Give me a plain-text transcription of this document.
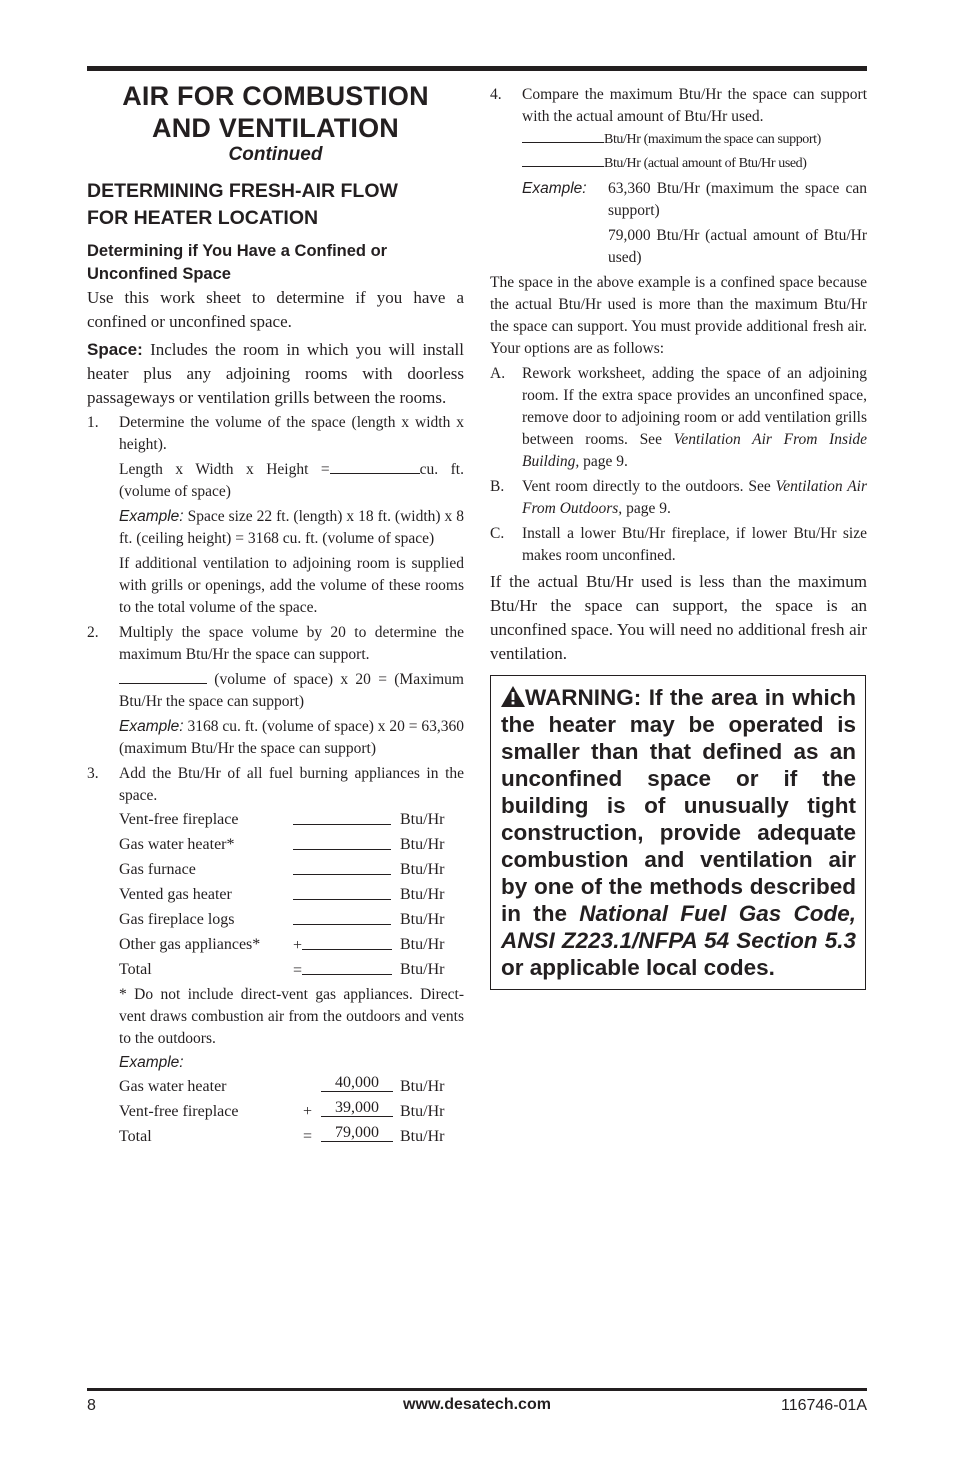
AIR FOR COMBUSTION
AND VENTILATION
Continued
DETERMINING FRESH-AIR FLOW
FOR HEATER LOCATION
Determining if You Have a Confined or
Unconfined Space

Use this work sheet to determine if you have a confined or unconfined space.

Space: Includes the room in which you will install heater plus any adjoining rooms with doorless passageways or ventilation grills between the rooms.

1. Determine the volume of the space (length x width x height).
Length x Width x Height =	cu. ft. (volume of space)
Example: Space size 22 ft. (length) x 18 ft. (width) x 8 ft. (ceiling height) = 3168 cu. ft. (volume of space)
If additional ventilation to adjoining room is supplied with grills or openings, add the volume of these rooms to the total volume of the space.
2. Multiply the space volume by 20 to determine the maximum Btu/Hr the space can support.
(volume of space) x 20 = (Maximum Btu/Hr the space can support)
Example: 3168 cu. ft. (volume of space) x 20 = 63,360 (maximum Btu/Hr the space can support)
3. Add the Btu/Hr of all fuel burning appliances in the space.
Vent-free fireplace		Btu/Hr
Gas water heater*		Btu/Hr
Gas furnace		Btu/Hr
Vented gas heater		Btu/Hr
Gas fireplace logs		Btu/Hr
Other gas appliances*	+	Btu/Hr
Total	=	Btu/Hr
* Do not include direct-vent gas appliances. Direct-vent draws combustion air from the outdoors and vents to the outdoors.
Example:
Gas water heater		40,000	Btu/Hr
Vent-free fireplace	+	39,000	Btu/Hr
Total	=	79,000	Btu/Hr
4. Compare the maximum Btu/Hr the space can support with the actual amount of Btu/Hr used.
Btu/Hr (maximum the space can support)
Btu/Hr (actual amount of Btu/Hr used)
Example: 63,360 Btu/Hr (maximum the space can support)
79,000 Btu/Hr (actual amount of Btu/Hr used)
The space in the above example is a confined space because the actual Btu/Hr used is more than the maximum Btu/Hr the space can support. You must provide additional fresh air. Your options are as follows:
A. Rework worksheet, adding the space of an adjoining room. If the extra space provides an unconfined space, remove door to adjoining room or add ventilation grills between rooms. See Ventilation Air From Inside Building, page 9.
B. Vent room directly to the outdoors. See Ventilation Air From Outdoors, page 9.
C. Install a lower Btu/Hr fireplace, if lower Btu/Hr size makes room unconfined.

If the actual Btu/Hr used is less than the maximum Btu/Hr the space can support, the space is an unconfined space. You will need no additional fresh air ventilation.

WARNING: If the area in which the heater may be operated is smaller than that defined as an unconfined space or if the building is of unusually tight construction, provide adequate combustion and ventilation air by one of the methods described in the National Fuel Gas Code, ANSI Z223.1/NFPA 54 Section 5.3 or applicable local codes.

8	www.desatech.com	116746-01A
